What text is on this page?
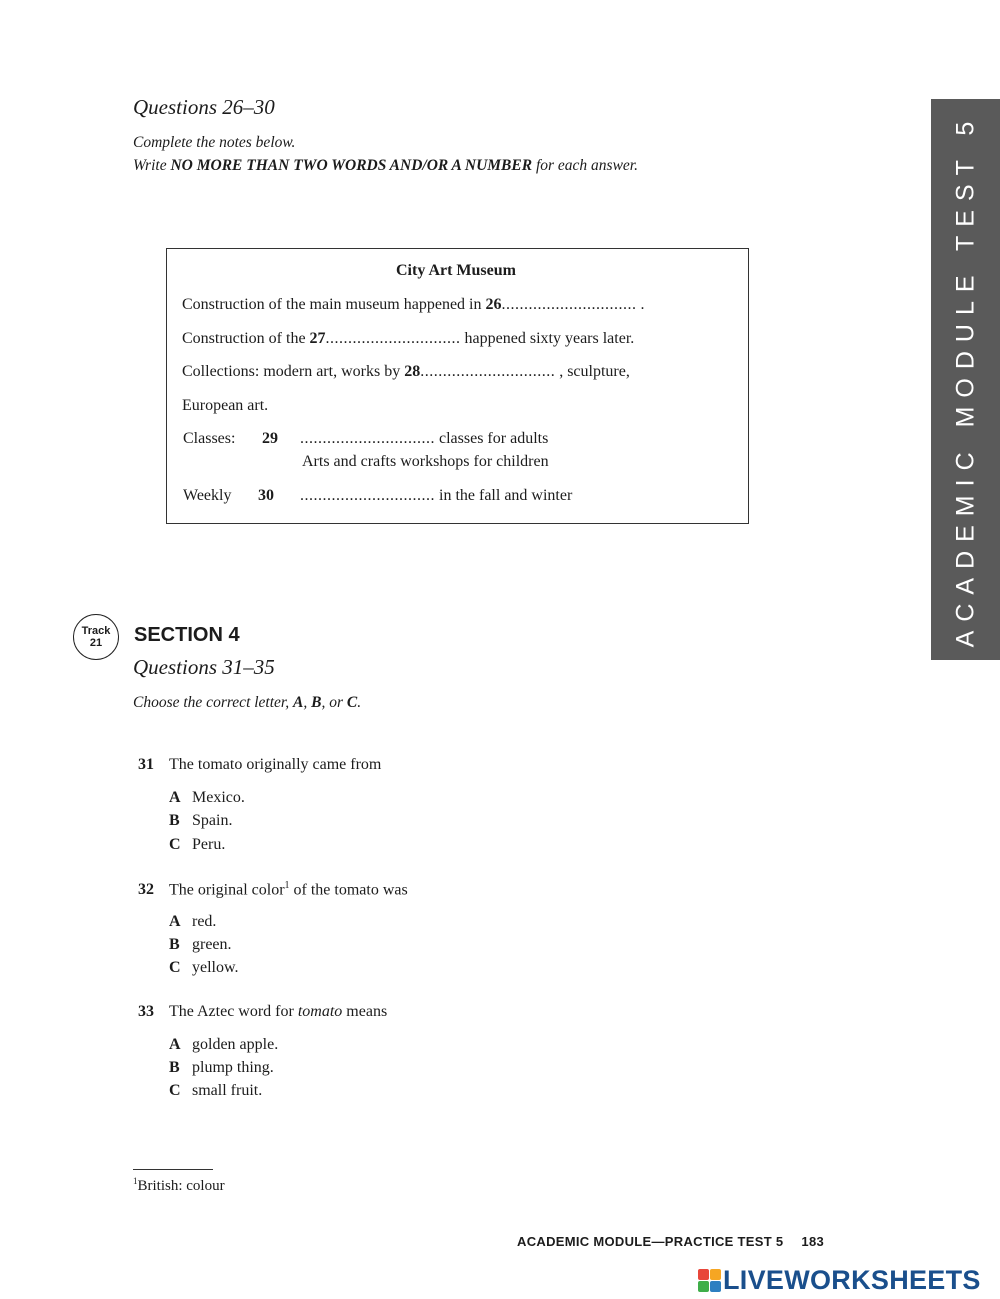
Questions 26–30
Complete the notes below.
Write NO MORE THAN TWO WORDS AND/OR A NUMBER for each answer.
City Art Museum
Construction of the main museum happened in 26.............................. .
Construction of the 27.............................. happened sixty years later.
Collections: modern art, works by 28.............................. , sculpture,
European art.
Classes: 29 .............................. classes for adults
Arts and crafts workshops for children
Weekly 30 .............................. in the fall and winter	ACADEMIC MODULE TEST 5
Track
21 SECTION 4
Questions 31–35
Choose the correct letter, A, B, or C.
31 The tomato originally came from
A Mexico.
B Spain.
C Peru.
32 The original color$^1$ of the tomato was
A red.
B green.
C yellow.
33 The Aztec word for tomato means
A golden apple.
B plump thing.
C small fruit.
$^1$British: colour
ACADEMIC MODULE—PRACTICE TEST 5 183
LIVEWORKSHEETS
